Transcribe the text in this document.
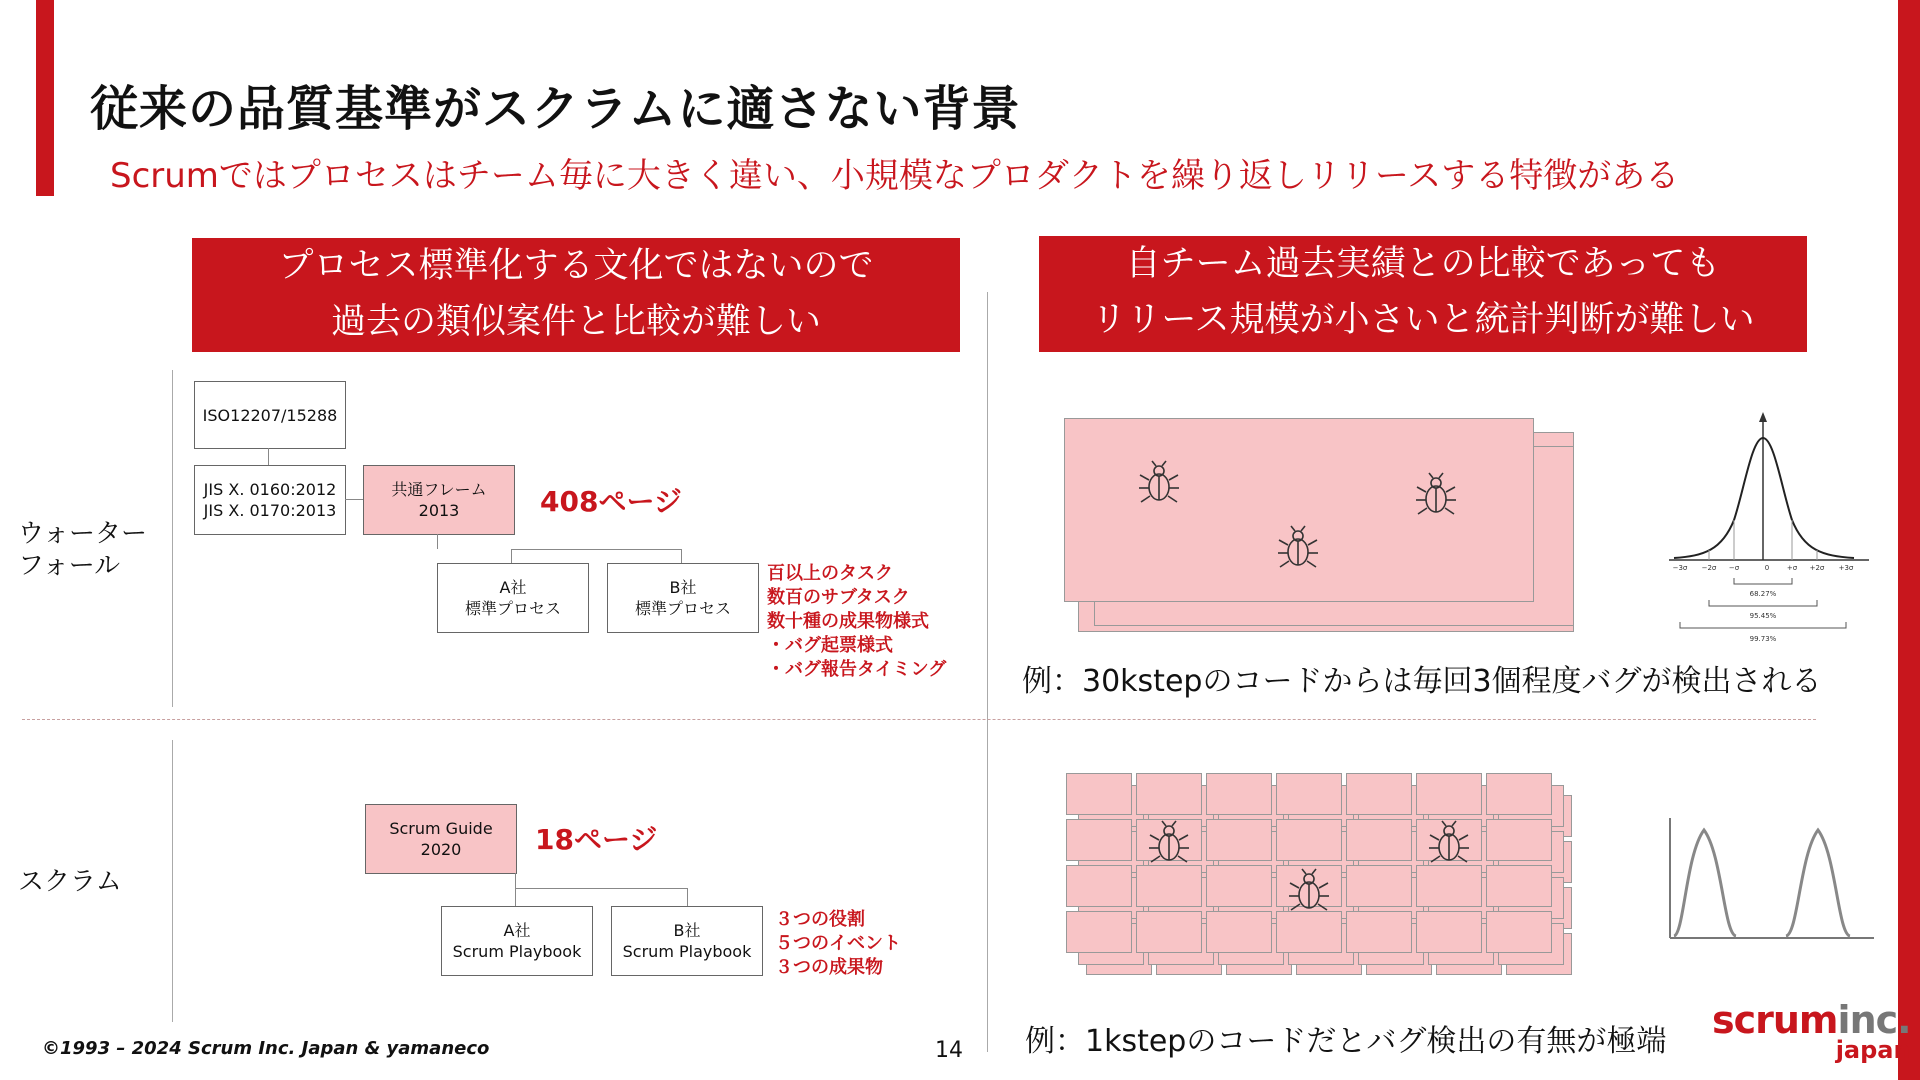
従来の品質基準がスクラムに適さない背景
Scrumではプロセスはチーム毎に大きく違い、小規模なプロダクトを繰り返しリリースする特徴がある
プロセス標準化する文化ではないので
過去の類似案件と比較が難しい
自チーム過去実績との比較であっても
リリース規模が小さいと統計判断が難しい
ウォーター
フォール
スクラム
ISO12207/15288
JIS X. 0160:2012
JIS X. 0170:2013
共通フレーム
2013	408ページ
A社
標準プロセス
B社
標準プロセス
百以上のタスク
数百のサブタスク
数十種の成果物様式
・バグ起票様式
・バグ報告タイミング
Scrum Guide
2020	18ページ
A社
Scrum Playbook
B社
Scrum Playbook
３つの役割
５つのイベント
３つの成果物
−3σ −2σ −σ	0	+σ +2σ +3σ
68.27%
95.45%
99.73%
例：30kstepのコードからは毎回3個程度バグが検出される
例：1kstepのコードだとバグ検出の有無が極端
©1993 – 2024 Scrum Inc. Japan & yamaneco	14
scruminc.
japan
